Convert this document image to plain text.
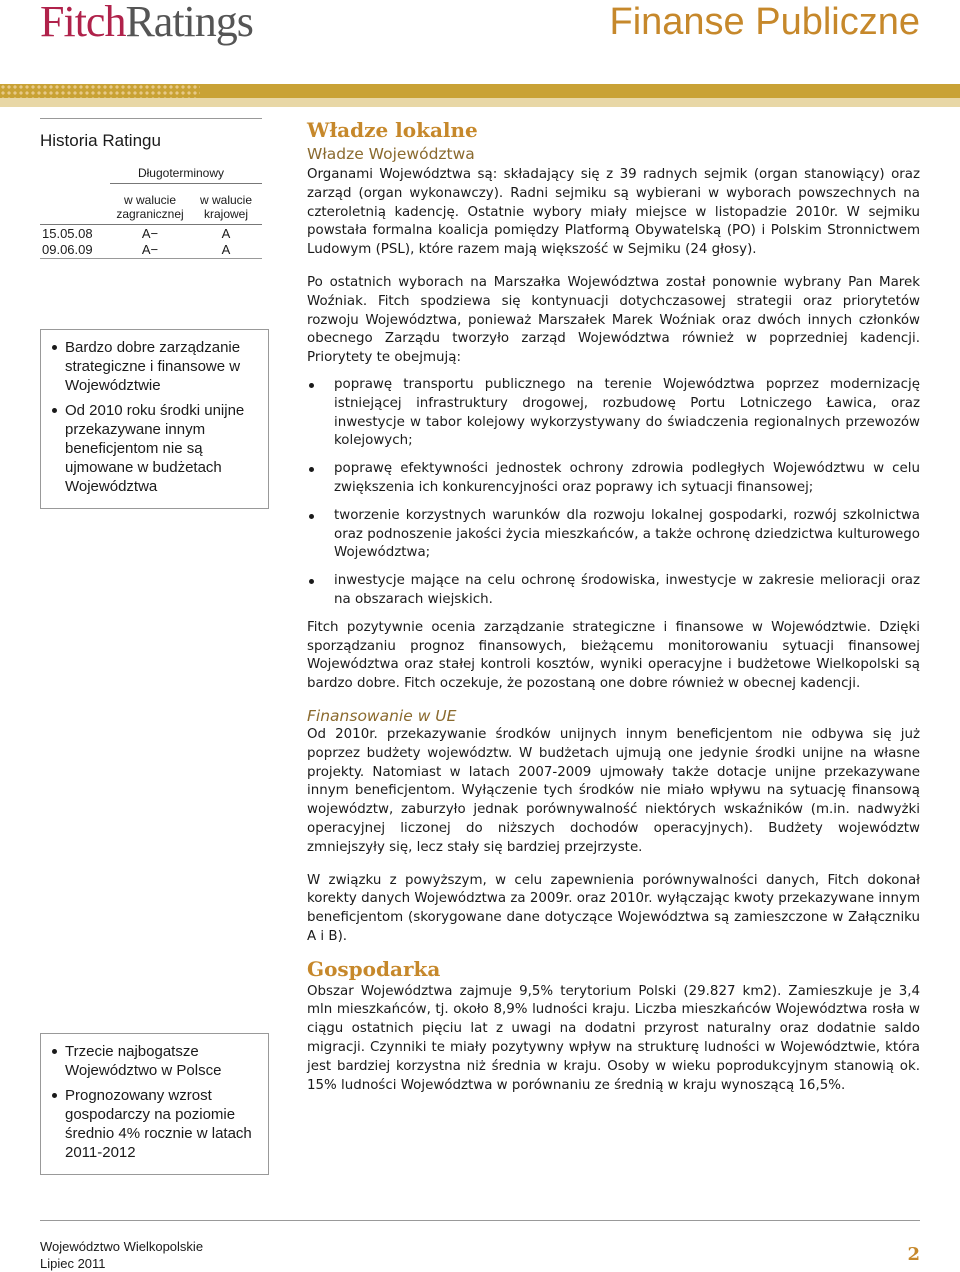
FitchRatings	Finanse Publiczne
Historia Ratingu
Długoterminowy
w walucie zagranicznej
w walucie krajowej
15.05.08	A−	A
09.06.09	A−	A
Bardzo dobre zarządzanie strategiczne i finansowe w Województwie
Od 2010 roku środki unijne przekazywane innym beneficjentom nie są ujmowane w budżetach Województwa
Trzecie najbogatsze Województwo w Polsce
Prognozowany wzrost gospodarczy na poziomie średnio 4% rocznie w latach 2011-2012
Władze lokalne
Władze Województwa

Organami Województwa są: składający się z 39 radnych sejmik (organ stanowiący) oraz zarząd (organ wykonawczy). Radni sejmiku są wybierani w wyborach powszechnych na czteroletnią kadencję. Ostatnie wybory miały miejsce w listopadzie 2010r. W sejmiku powstała formalna koalicja pomiędzy Platformą Obywatelską (PO) i Polskim Stronnictwem Ludowym (PSL), które razem mają większość w Sejmiku (24 głosy).

Po ostatnich wyborach na Marszałka Województwa został ponownie wybrany Pan Marek Woźniak. Fitch spodziewa się kontynuacji dotychczasowej strategii oraz priorytetów rozwoju Województwa, ponieważ Marszałek Marek Woźniak oraz dwóch innych członków obecnego Zarządu tworzyło zarząd Województwa również w poprzedniej kadencji. Priorytety te obejmują:

poprawę transportu publicznego na terenie Województwa poprzez modernizację istniejącej infrastruktury drogowej, rozbudowę Portu Lotniczego Ławica, oraz inwestycje w tabor kolejowy wykorzystywany do świadczenia regionalnych przewozów kolejowych;
poprawę efektywności jednostek ochrony zdrowia podległych Województwu w celu zwiększenia ich konkurencyjności oraz poprawy ich sytuacji finansowej;
tworzenie korzystnych warunków dla rozwoju lokalnej gospodarki, rozwój szkolnictwa oraz podnoszenie jakości życia mieszkańców, a także ochronę dziedzictwa kulturowego Województwa;
inwestycje mające na celu ochronę środowiska, inwestycje w zakresie melioracji oraz na obszarach wiejskich.

Fitch pozytywnie ocenia zarządzanie strategiczne i finansowe w Województwie. Dzięki sporządzaniu prognoz finansowych, bieżącemu monitorowaniu sytuacji finansowej Województwa oraz stałej kontroli kosztów, wyniki operacyjne i budżetowe Wielkopolski są bardzo dobre. Fitch oczekuje, że pozostaną one dobre również w obecnej kadencji.

Finansowanie w UE

Od 2010r. przekazywanie środków unijnych innym beneficjentom nie odbywa się już poprzez budżety województw. W budżetach ujmują one jedynie środki unijne na własne projekty. Natomiast w latach 2007-2009 ujmowały także dotacje unijne przekazywane innym beneficjentom. Wyłączenie tych środków nie miało wpływu na sytuację finansową województw, zaburzyło jednak porównywalność niektórych wskaźników (m.in. nadwyżki operacyjnej liczonej do niższych dochodów operacyjnych). Budżety województw zmniejszyły się, lecz stały się bardziej przejrzyste.

W związku z powyższym, w celu zapewnienia porównywalności danych, Fitch dokonał korekty danych Województwa za 2009r. oraz 2010r. wyłączając kwoty przekazywane innym beneficjentom (skorygowane dane dotyczące Województwa są zamieszczone w Załączniku A i B).

Gospodarka

Obszar Województwa zajmuje 9,5% terytorium Polski (29.827 km2). Zamieszkuje je 3,4 mln mieszkańców, tj. około 8,9% ludności kraju. Liczba mieszkańców Województwa rosła w ciągu ostatnich pięciu lat z uwagi na dodatni przyrost naturalny oraz dodatnie saldo migracji. Czynniki te miały pozytywny wpływ na strukturę ludności w Województwie, która jest bardziej korzystna niż średnia w kraju. Osoby w wieku poprodukcyjnym stanowią ok. 15% ludności Województwa w porównaniu ze średnią w kraju wynoszącą 16,5%.

Województwo Wielkopolskie
Lipiec 2011	2
